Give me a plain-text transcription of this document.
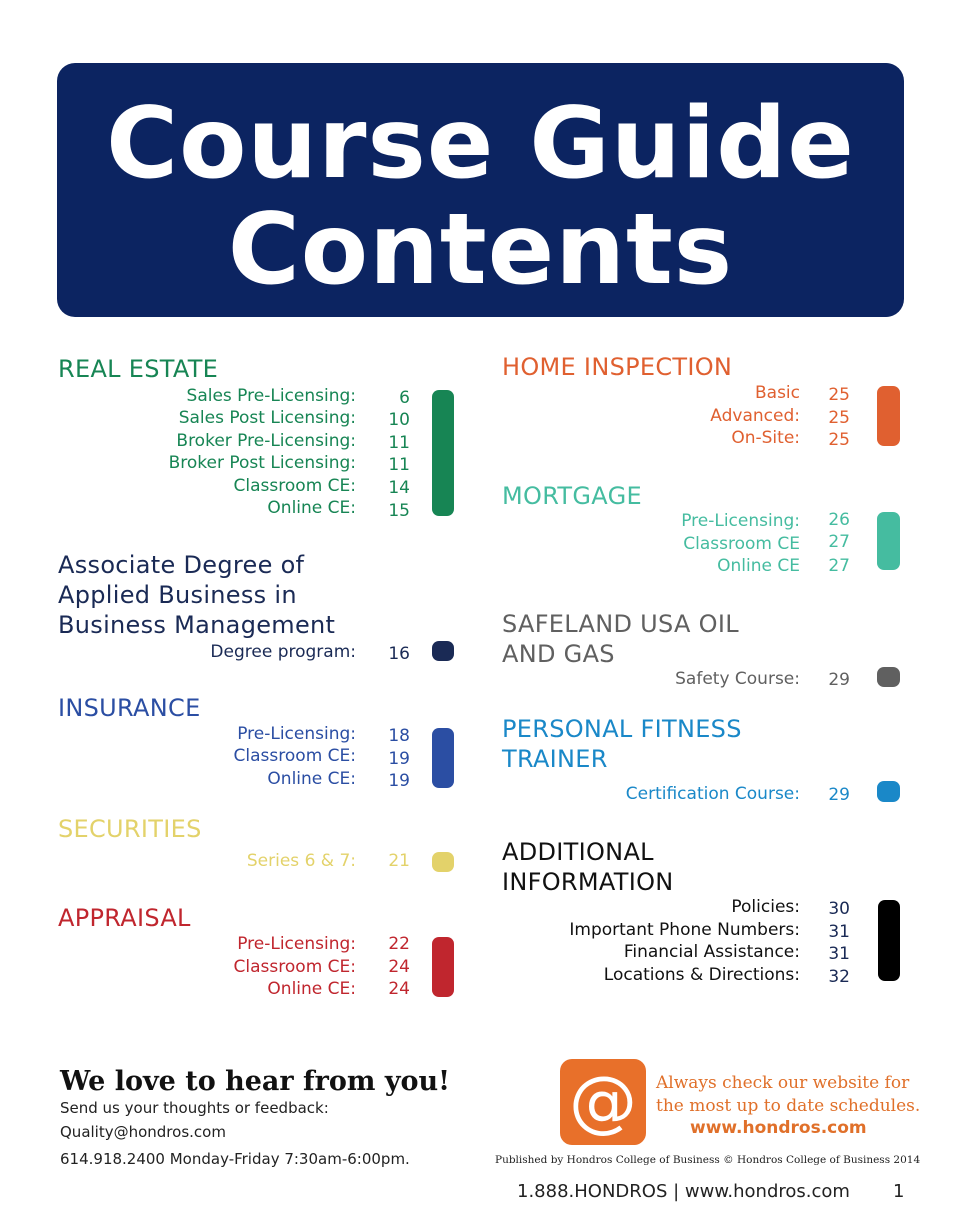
Course Guide
Contents
REAL ESTATE
Sales Pre-Licensing:	6
Sales Post Licensing: 10
Broker Pre-Licensing: 11
Broker Post Licensing: 11
Classroom CE: 14
Online CE: 15
Associate Degree of
Applied Business in
Business Management
Degree program: 16
INSURANCE
Pre-Licensing: 18
Classroom CE: 19
Online CE: 19
SECURITIES
Series 6 & 7: 21
APPRAISAL
Pre-Licensing: 22
Classroom CE: 24
Online CE: 24
HOME INSPECTION
Basic 25
Advanced: 25
On-Site: 25
MORTGAGE
Pre-Licensing: 26
Classroom CE 27
Online CE 27
SAFELAND USA OIL
AND GAS
Safety Course: 29
PERSONAL FITNESS
TRAINER
Certification Course: 29
ADDITIONAL
INFORMATION
Policies: 30
Important Phone Numbers: 31
Financial Assistance: 31
Locations & Directions: 32
We love to hear from you!
Send us your thoughts or feedback:
Quality@hondros.com
614.918.2400 Monday-Friday 7:30am-6:00pm.
@	Always check our website for
the most up to date schedules.
www.hondros.com
Published by Hondros College of Business © Hondros College of Business 2014
1.888.HONDROS | www.hondros.com 1
